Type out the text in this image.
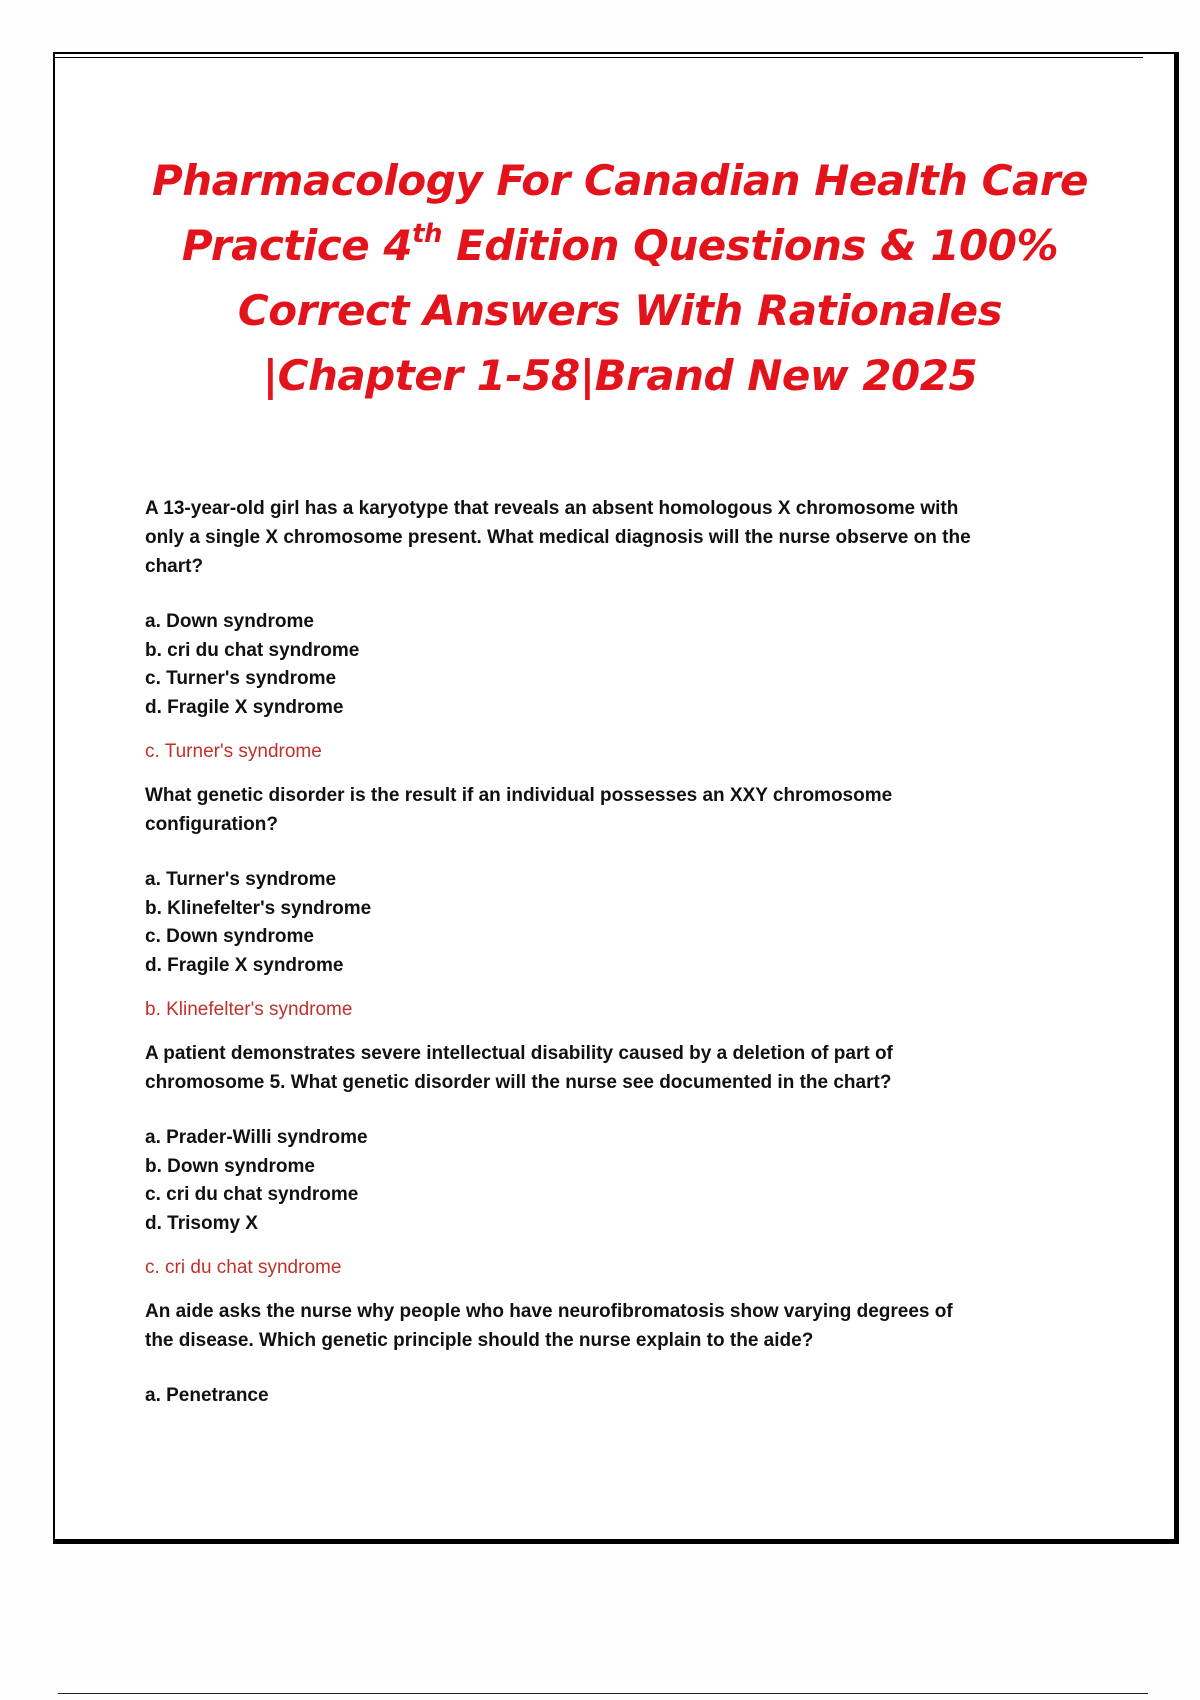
Pharmacology For Canadian Health Care
Practice 4th Edition Questions & 100%
Correct Answers With Rationales
|Chapter 1-58|Brand New 2025

A 13-year-old girl has a karyotype that reveals an absent homologous X chromosome with only a single X chromosome present. What medical diagnosis will the nurse observe on the chart?

a. Down syndrome
b. cri du chat syndrome
c. Turner's syndrome
d. Fragile X syndrome
c. Turner's syndrome

What genetic disorder is the result if an individual possesses an XXY chromosome configuration?

a. Turner's syndrome
b. Klinefelter's syndrome
c. Down syndrome
d. Fragile X syndrome
b. Klinefelter's syndrome

A patient demonstrates severe intellectual disability caused by a deletion of part of chromosome 5. What genetic disorder will the nurse see documented in the chart?

a. Prader-Willi syndrome
b. Down syndrome
c. cri du chat syndrome
d. Trisomy X
c. cri du chat syndrome

An aide asks the nurse why people who have neurofibromatosis show varying degrees of the disease. Which genetic principle should the nurse explain to the aide?

a. Penetrance
